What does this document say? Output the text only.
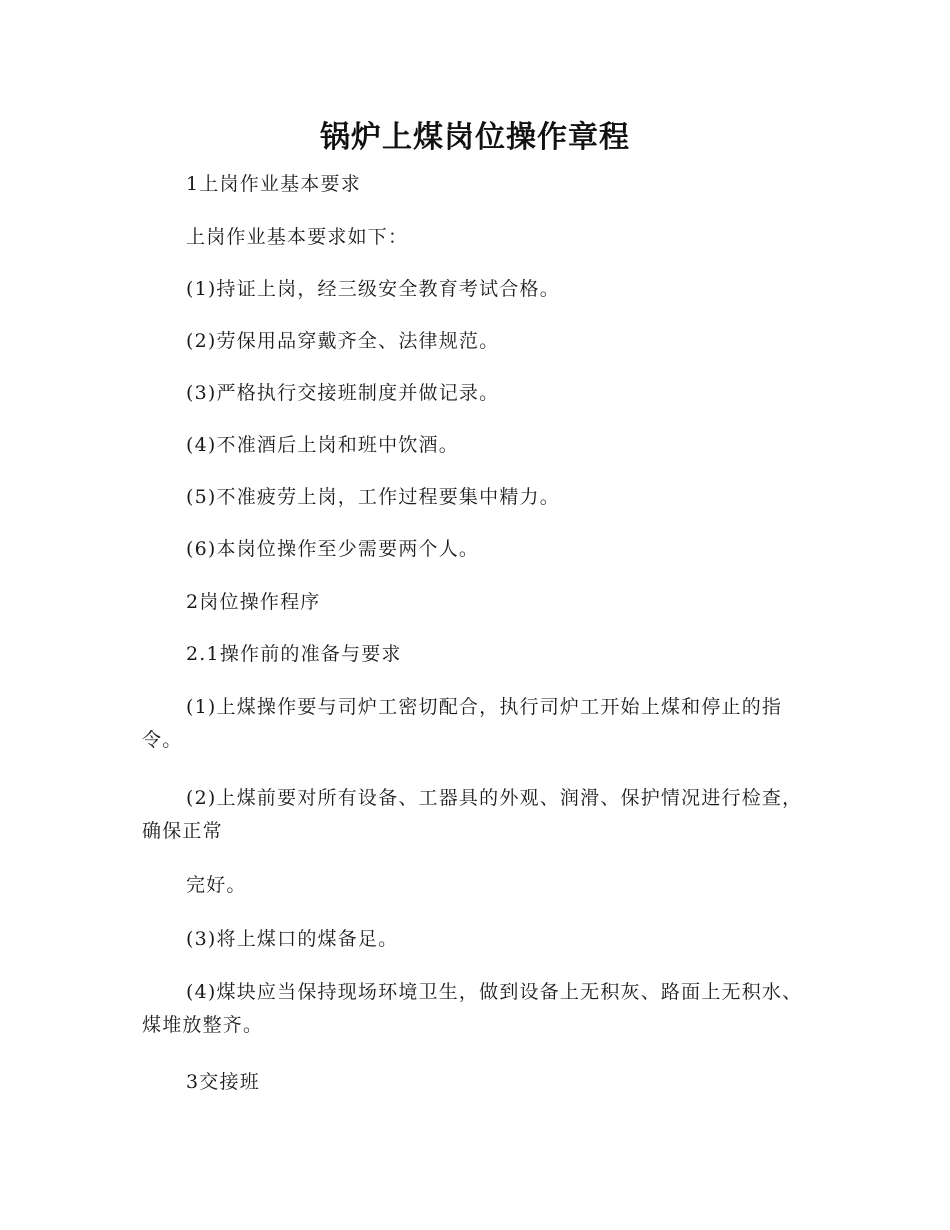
锅炉上煤岗位操作章程

1上岗作业基本要求

上岗作业基本要求如下：

(1)持证上岗，经三级安全教育考试合格。

(2)劳保用品穿戴齐全、法律规范。

(3)严格执行交接班制度并做记录。

(4)不准酒后上岗和班中饮酒。

(5)不准疲劳上岗，工作过程要集中精力。

(6)本岗位操作至少需要两个人。

2岗位操作程序

2.1操作前的准备与要求

(1)上煤操作要与司炉工密切配合，执行司炉工开始上煤和停止的指令。

(2)上煤前要对所有设备、工器具的外观、润滑、保护情况进行检查，确保正常

完好。

(3)将上煤口的煤备足。

(4)煤块应当保持现场环境卫生，做到设备上无积灰、路面上无积水、煤堆放整齐。

3交接班
